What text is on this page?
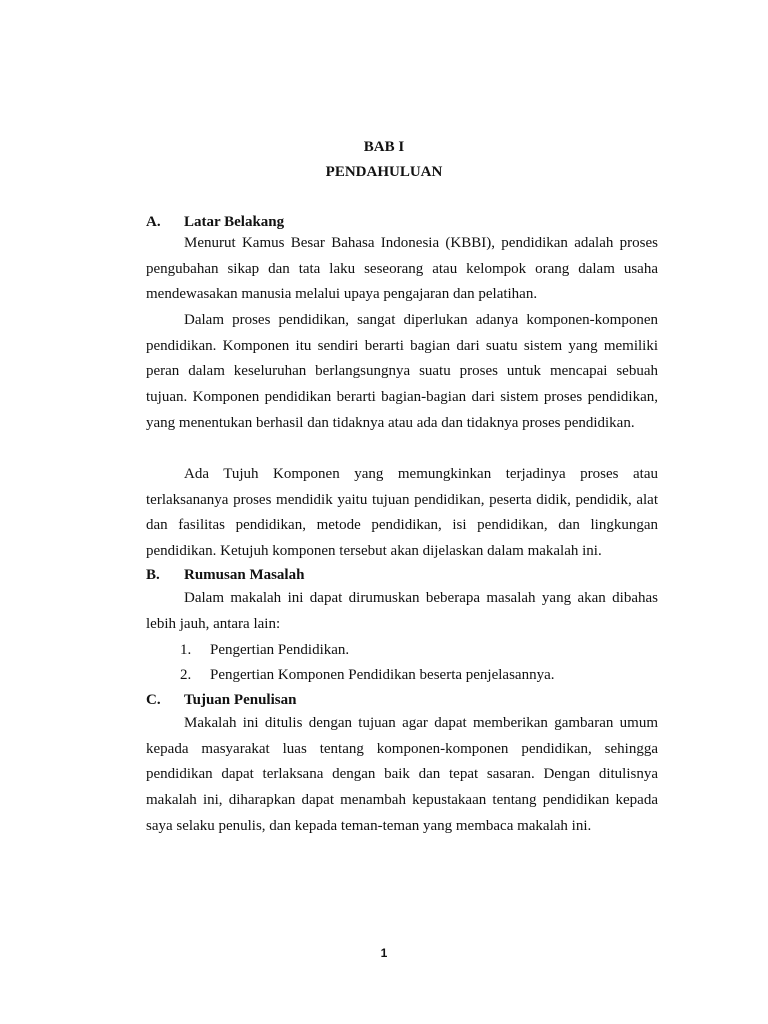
BAB I
PENDAHULUAN
A. Latar Belakang

Menurut Kamus Besar Bahasa Indonesia (KBBI), pendidikan adalah proses pengubahan sikap dan tata laku seseorang atau kelompok orang dalam usaha mendewasakan manusia melalui upaya pengajaran dan pelatihan.

Dalam proses pendidikan, sangat diperlukan adanya komponen-komponen pendidikan. Komponen itu sendiri berarti bagian dari suatu sistem yang memiliki peran dalam keseluruhan berlangsungnya suatu proses untuk mencapai sebuah tujuan. Komponen pendidikan berarti bagian-bagian dari sistem proses pendidikan, yang menentukan berhasil dan tidaknya atau ada dan tidaknya proses pendidikan.

Ada Tujuh Komponen yang memungkinkan terjadinya proses atau terlaksananya proses mendidik yaitu tujuan pendidikan, peserta didik, pendidik, alat dan fasilitas pendidikan, metode pendidikan, isi pendidikan, dan lingkungan pendidikan. Ketujuh komponen tersebut akan dijelaskan dalam makalah ini.

B. Rumusan Masalah

Dalam makalah ini dapat dirumuskan beberapa masalah yang akan dibahas lebih jauh, antara lain:

1. Pengertian Pendidikan.
2. Pengertian Komponen Pendidikan beserta penjelasannya.
C. Tujuan Penulisan

Makalah ini ditulis dengan tujuan agar dapat memberikan gambaran umum kepada masyarakat luas tentang komponen-komponen pendidikan, sehingga pendidikan dapat terlaksana dengan baik dan tepat sasaran. Dengan ditulisnya makalah ini, diharapkan dapat menambah kepustakaan tentang pendidikan kepada saya selaku penulis, dan kepada teman-teman yang membaca makalah ini.

1
